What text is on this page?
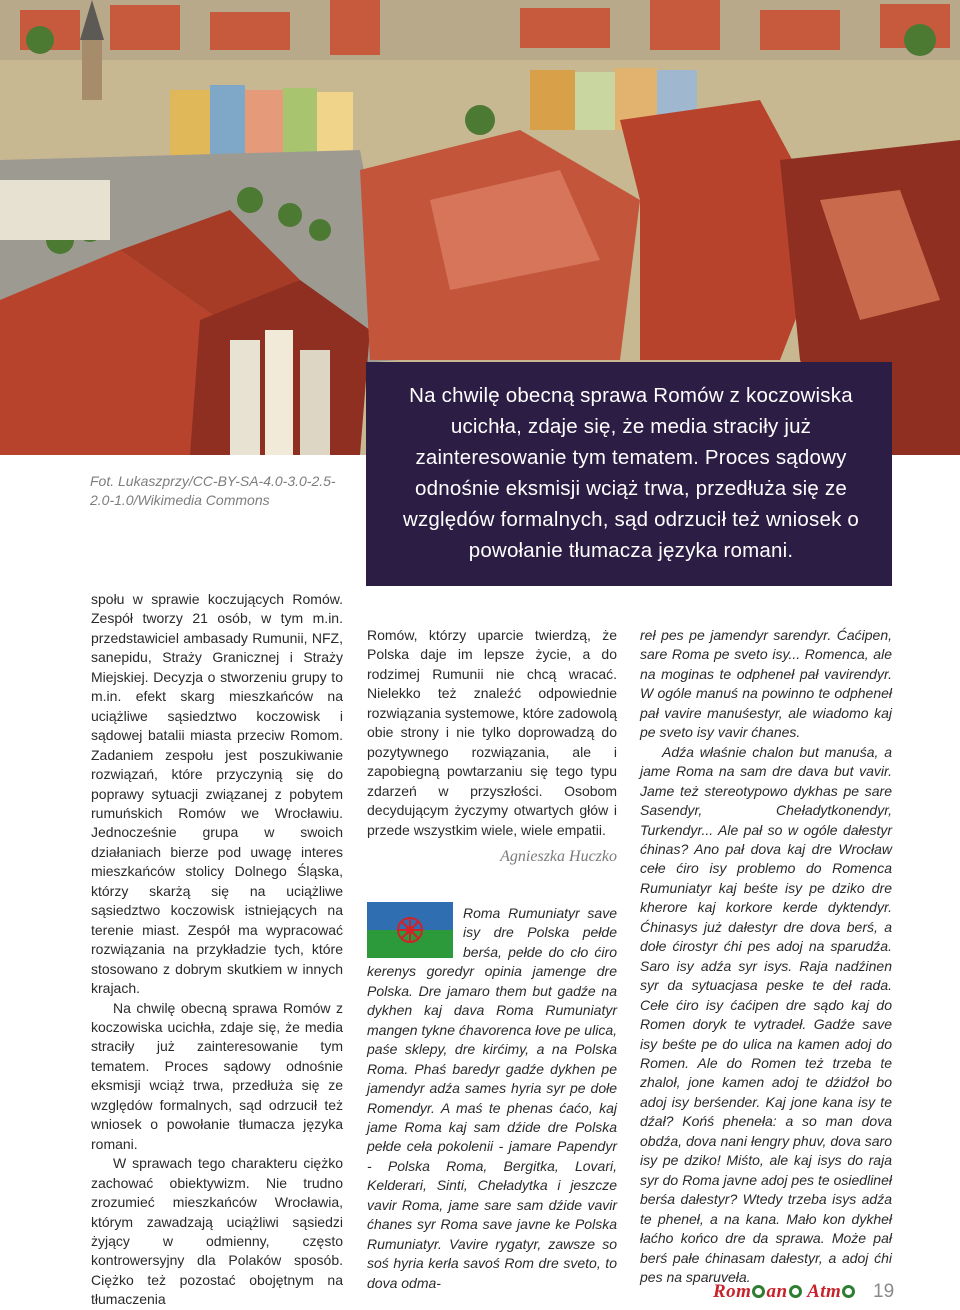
Fot. Lukaszprzy/CC-BY-SA-4.0-3.0-2.5-2.0-1.0/Wikimedia Commons
Na chwilę obecną sprawa Romów z koczowiska ucichła, zdaje się, że media straciły już zainteresowanie tym tematem. Proces sądowy odnośnie eksmisji wciąż trwa, przedłuża się ze względów formalnych, sąd odrzucił też wniosek o powołanie tłumacza języka romani.

społu w sprawie koczujących Romów. Zespół tworzy 21 osób, w tym m.in. przedstawiciel ambasady Rumunii, NFZ, sanepidu, Straży Granicznej i Straży Miejskiej. Decyzja o stworzeniu grupy to m.in. efekt skarg mieszkańców na uciążliwe sąsiedztwo koczowisk i sądowej batalii miasta przeciw Romom. Zadaniem zespołu jest poszukiwanie rozwiązań, które przyczynią się do poprawy sytuacji związanej z pobytem rumuńskich Romów we Wrocławiu. Jednocześnie grupa w swoich działaniach bierze pod uwagę interes mieszkańców stolicy Dolnego Śląska, którzy skarżą się na uciążliwe sąsiedztwo koczowisk istniejących na terenie miast. Zespół ma wypracować rozwiązania na przykładzie tych, które stosowano z dobrym skutkiem w innych krajach.

Na chwilę obecną sprawa Romów z koczowiska ucichła, zdaje się, że media straciły już zainteresowanie tym tematem. Proces sądowy odnośnie eksmisji wciąż trwa, przedłuża się ze względów formalnych, sąd odrzucił też wniosek o powołanie tłumacza języka romani.

W sprawach tego charakteru ciężko zachować obiektywizm. Nie trudno zrozumieć mieszkańców Wrocławia, którym zawadzają uciążliwi sąsiedzi żyjący w odmienny, często kontrowersyjny dla Polaków sposób. Ciężko też pozostać obojętnym na tłumaczenia

Romów, którzy uparcie twierdzą, że Polska daje im lepsze życie, a do rodzimej Rumunii nie chcą wracać. Nielekko też znaleźć odpowiednie rozwiązania systemowe, które zadowolą obie strony i nie tylko doprowadzą do pozytywnego rozwiązania, ale i zapobiegną powtarzaniu się tego typu zdarzeń w przyszłości. Osobom decydującym życzymy otwartych głów i przede wszystkim wiele, wiele empatii.

Agnieszka Huczko

Roma Rumuniatyr save isy dre Polska pełde berśa, pełde do cło ćiro kerenys goredyr opinia jamenge dre Polska. Dre jamaro them but gadźe na dykhen kaj dava Roma Rumuniatyr mangen tykne ćhavorenca łove pe ulica, paśe sklepy, dre kirćimy, a na Polska Roma. Phaś baredyr gadźe dykhen pe jamendyr adźa sames hyria syr pe dołe Romendyr. A maś te phenas ćaćo, kaj jame Roma kaj sam dźide dre Polska pełde ceła pokolenii - jamare Papendyr - Polska Roma, Bergitka, Lovari, Kelderari, Sinti, Cheładytka i jeszcze vavir Roma, jame sare sam dźide vavir ćhanes syr Roma save javne ke Polska Rumuniatyr. Vavire rygatyr, zawsze so soś hyria kerła savoś Rom dre sveto, to dova odma-

reł pes pe jamendyr sarendyr. Ćaćipen, sare Roma pe sveto isy... Romenca, ale na moginas te odpheneł pał vavirendyr. W ogóle manuś na powinno te odpheneł pał vavire manuśestyr, ale wiadomo kaj pe sveto isy vavir ćhanes.

Adźa właśnie chalon but manuśa, a jame Roma na sam dre dava but vavir. Jame też stereotypowo dykhas pe sare Sasendyr, Cheładytkonendyr, Turkendyr... Ale pał so w ogóle dałestyr ćhinas? Ano pał dova kaj dre Wrocław cełe ćiro isy problemo do Romenca Rumuniatyr kaj beśte isy pe dziko dre kherore kaj korkore kerde dyktendyr. Ćhinasys już dałestyr dre dova berś, a dołe ćirostyr ćhi pes adoj na sparudźa. Saro isy adźa syr isys. Raja nadźinen syr da sytuacjasa peske te deł rada. Cełe ćiro isy ćaćipen dre sądo kaj do Romen doryk te vytradeł. Gadźe save isy beśte pe do ulica na kamen adoj do Romen. Ale do Romen też trzeba te zhaloł, jone kamen adoj te dźidźoł bo adoj isy berśender. Kaj jone kana isy te dźał? Końś pheneła: a so man dova obdźa, dova nani łengry phuv, dova saro isy pe dziko! Miśto, ale kaj isys do raja syr do Roma javne adoj pes te osiedlineł berśa dałestyr? Wtedy trzeba isys adźa te pheneł, a na kana. Mało kon dykheł łaćho końco dre da sprawa. Może pał berś pałe ćhinasam dałestyr, a adoj ćhi pes na sparuveła.

Rom an Atm	19
